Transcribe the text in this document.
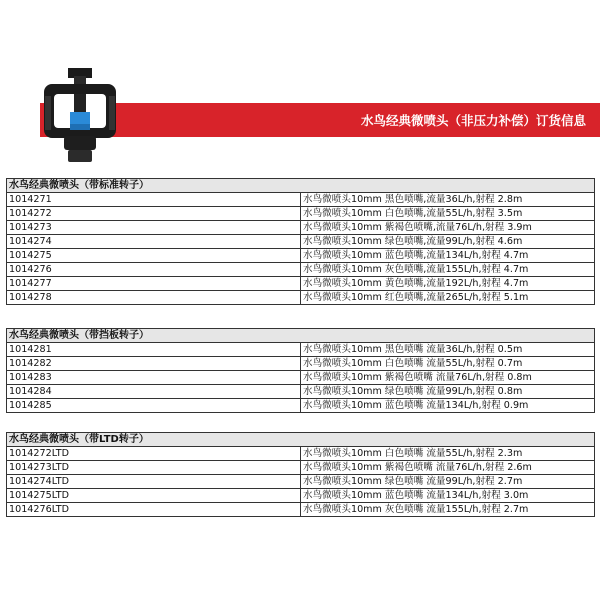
水鸟经典微喷头（非压力补偿）订货信息
水鸟经典微喷头（带标准转子）	
1014271	水鸟微喷头10mm 黑色喷嘴,流量36L/h,射程 2.8m
1014272	水鸟微喷头10mm 白色喷嘴,流量55L/h,射程 3.5m
1014273	水鸟微喷头10mm 紫褐色喷嘴,流量76L/h,射程 3.9m
1014274	水鸟微喷头10mm 绿色喷嘴,流量99L/h,射程 4.6m
1014275	水鸟微喷头10mm 蓝色喷嘴,流量134L/h,射程 4.7m
1014276	水鸟微喷头10mm 灰色喷嘴,流量155L/h,射程 4.7m
1014277	水鸟微喷头10mm 黄色喷嘴,流量192L/h,射程 4.7m
1014278	水鸟微喷头10mm 红色喷嘴,流量265L/h,射程 5.1m
水鸟经典微喷头（带挡板转子）	
1014281	水鸟微喷头10mm 黑色喷嘴 流量36L/h,射程 0.5m
1014282	水鸟微喷头10mm 白色喷嘴 流量55L/h,射程 0.7m
1014283	水鸟微喷头10mm 紫褐色喷嘴 流量76L/h,射程 0.8m
1014284	水鸟微喷头10mm 绿色喷嘴 流量99L/h,射程 0.8m
1014285	水鸟微喷头10mm 蓝色喷嘴 流量134L/h,射程 0.9m
水鸟经典微喷头（带LTD转子）	
1014272LTD	水鸟微喷头10mm 白色喷嘴 流量55L/h,射程 2.3m
1014273LTD	水鸟微喷头10mm 紫褐色喷嘴 流量76L/h,射程 2.6m
1014274LTD	水鸟微喷头10mm 绿色喷嘴 流量99L/h,射程 2.7m
1014275LTD	水鸟微喷头10mm 蓝色喷嘴 流量134L/h,射程 3.0m
1014276LTD	水鸟微喷头10mm 灰色喷嘴 流量155L/h,射程 2.7m
